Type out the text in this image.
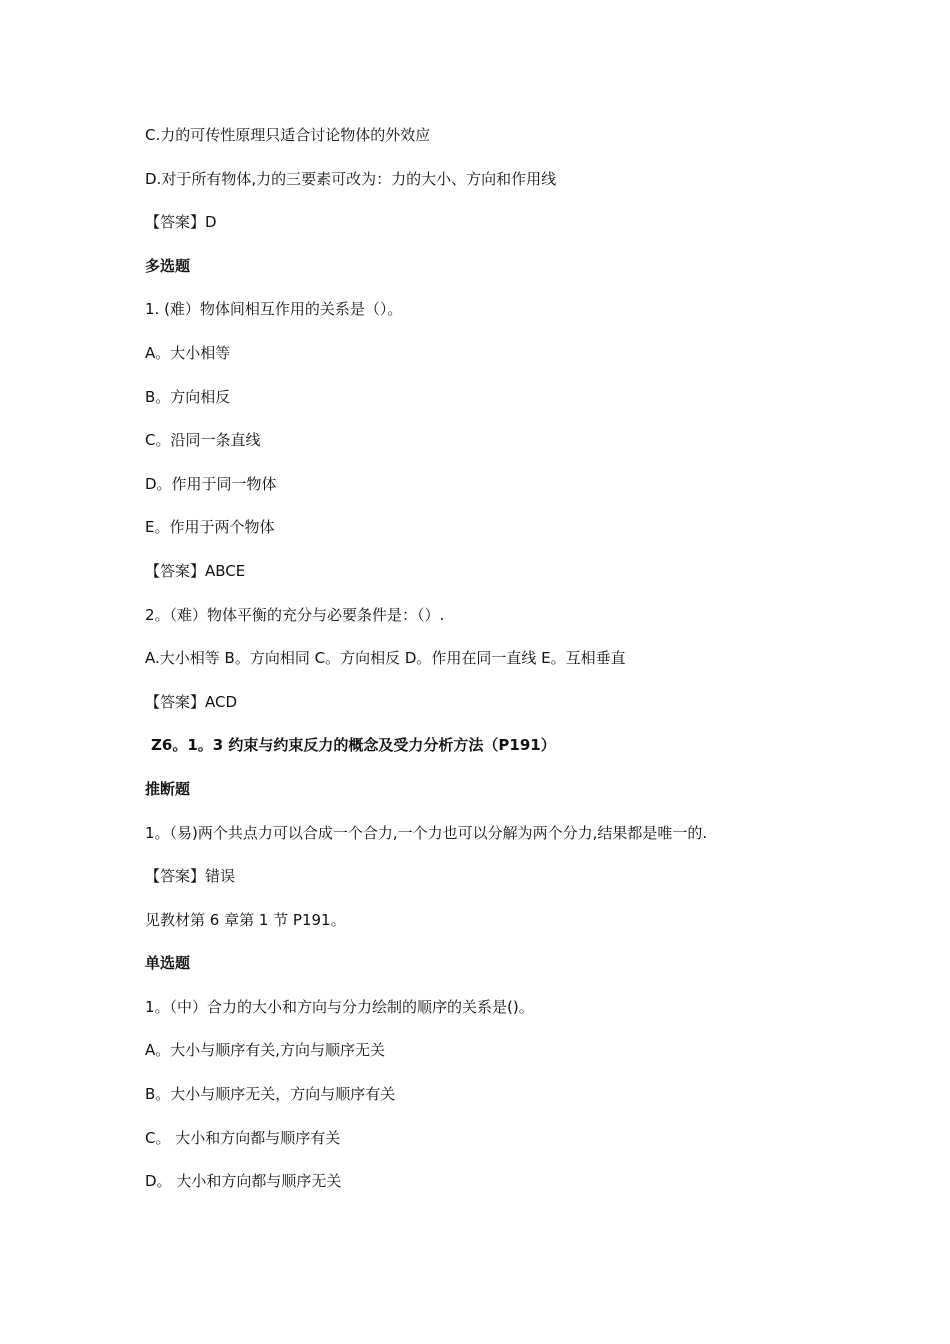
C.力的可传性原理只适合讨论物体的外效应
D.对于所有物体,力的三要素可改为：力的大小、方向和作用线
【答案】D
多选题
1. (难）物体间相互作用的关系是（）。
A。大小相等
B。方向相反
C。沿同一条直线
D。作用于同一物体
E。作用于两个物体
【答案】ABCE
2。（难）物体平衡的充分与必要条件是：（）.
A.大小相等 B。方向相同 C。方向相反 D。作用在同一直线 E。互相垂直
【答案】ACD
Z6。1。3 约束与约束反力的概念及受力分析方法（P191）
推断题
1。（易)两个共点力可以合成一个合力,一个力也可以分解为两个分力,结果都是唯一的.
【答案】错误
见教材第 6 章第 1 节 P191。
单选题
1。（中）合力的大小和方向与分力绘制的顺序的关系是()。
A。大小与顺序有关,方向与顺序无关
B。大小与顺序无关，方向与顺序有关
C。 大小和方向都与顺序有关
D。 大小和方向都与顺序无关
